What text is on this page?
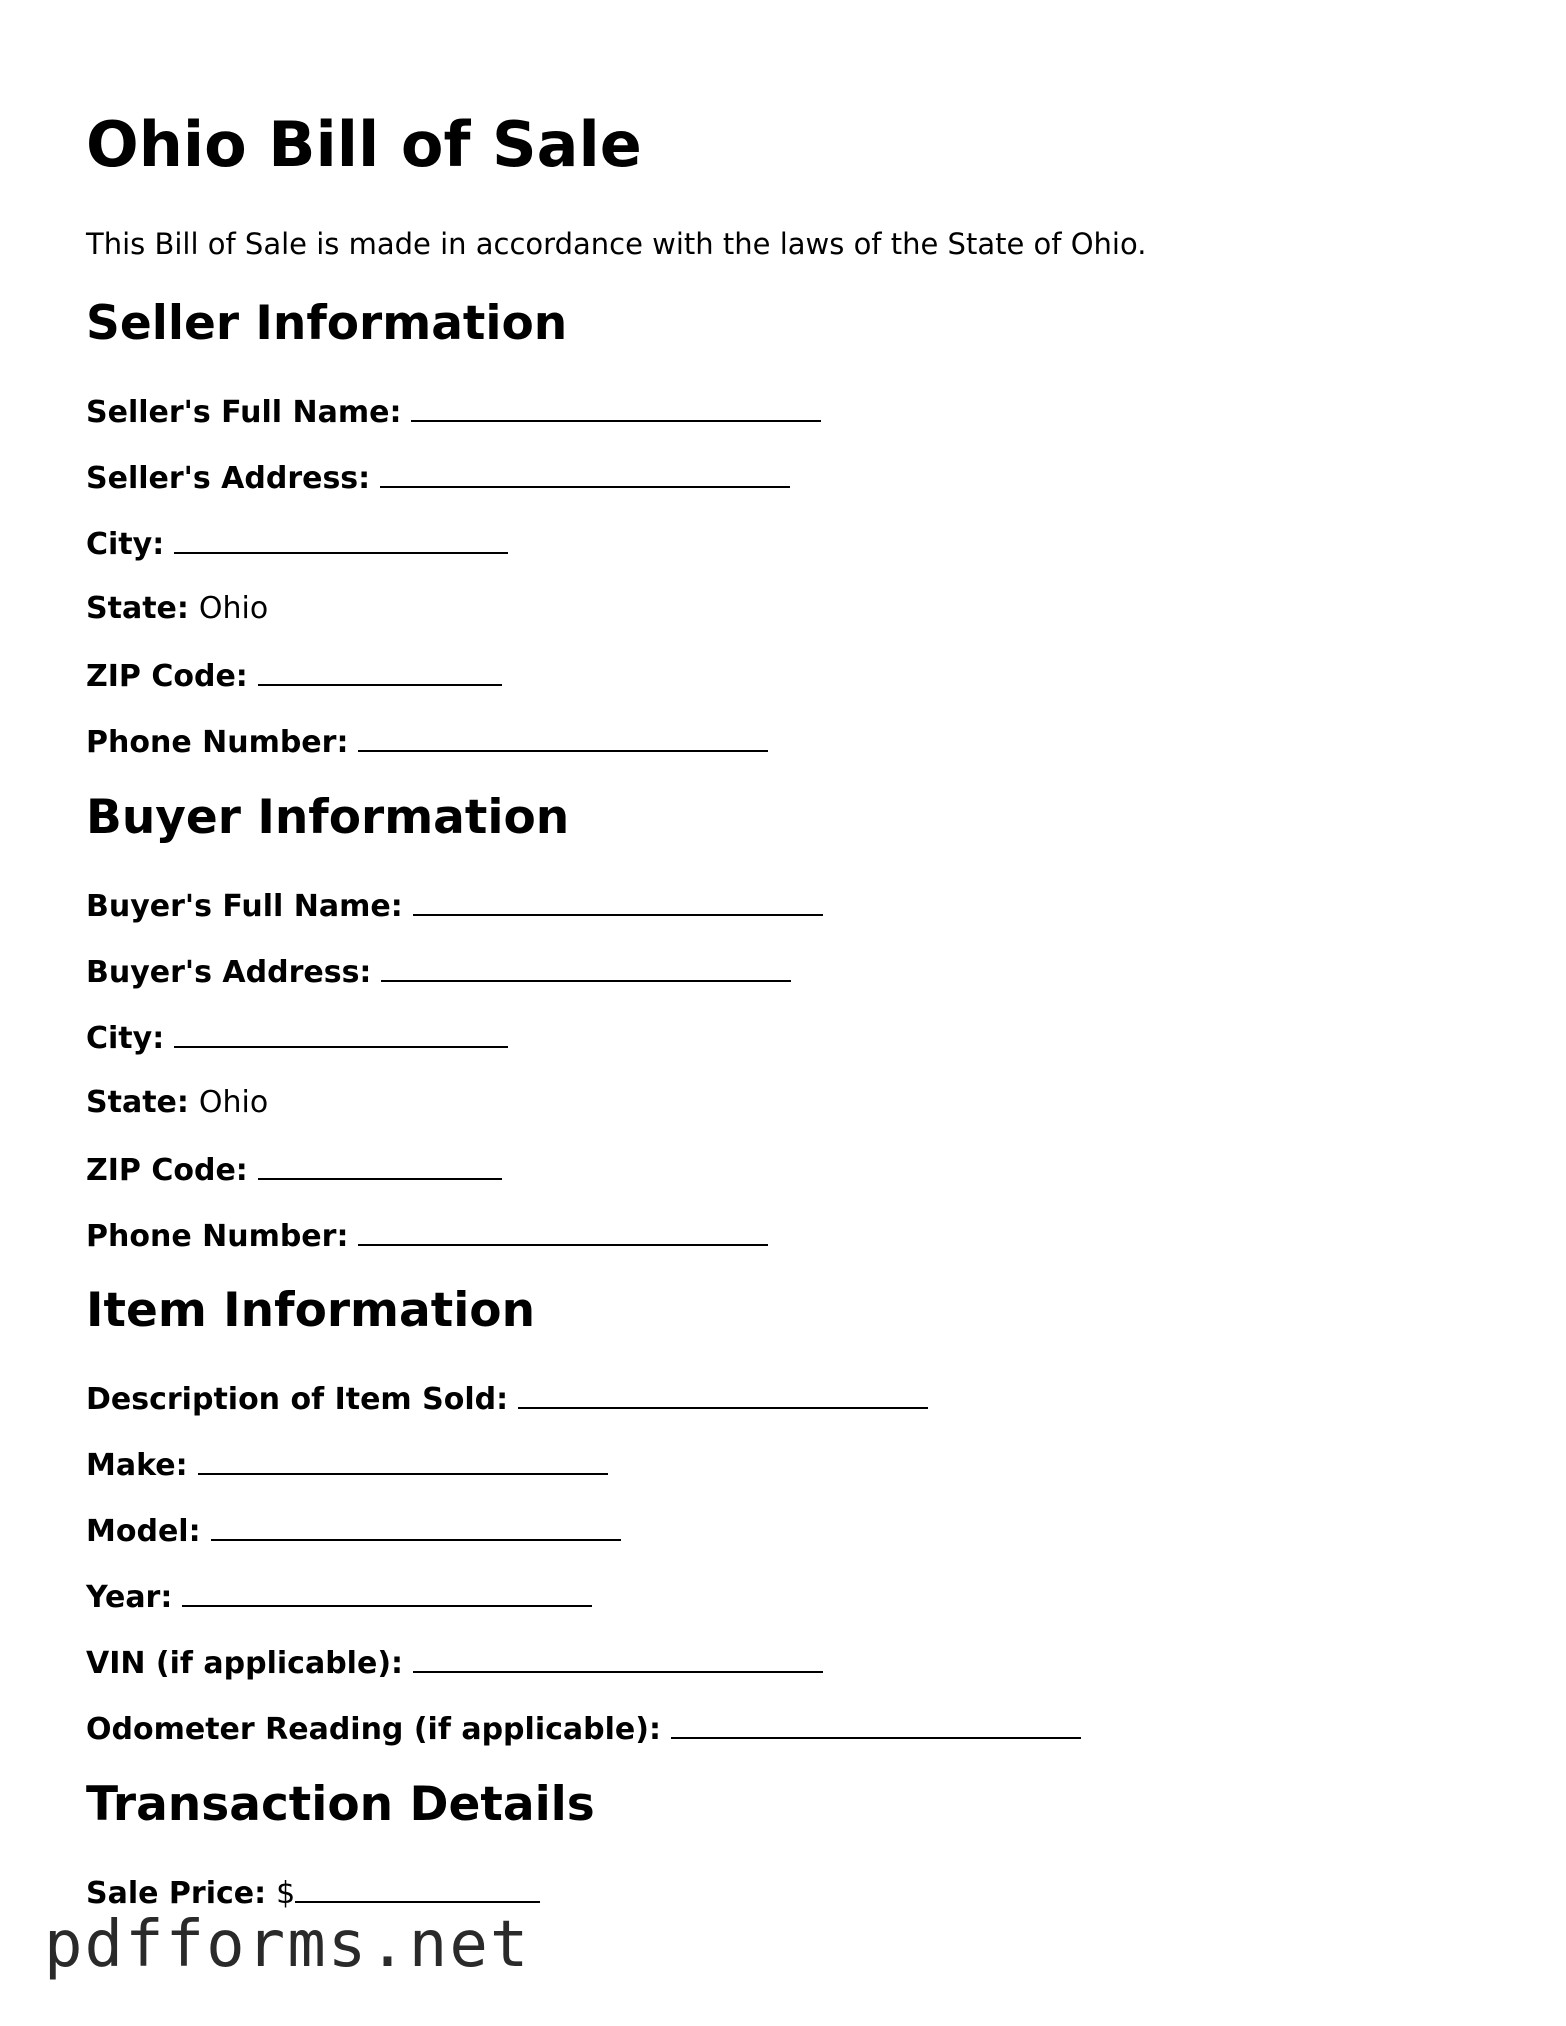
Ohio Bill of Sale

This Bill of Sale is made in accordance with the laws of the State of Ohio.

Seller Information
Seller's Full Name:
Seller's Address:
City:
State: Ohio
ZIP Code:
Phone Number:
Buyer Information
Buyer's Full Name:
Buyer's Address:
City:
State: Ohio
ZIP Code:
Phone Number:
Item Information
Description of Item Sold:
Make:
Model:
Year:
VIN (if applicable):
Odometer Reading (if applicable):
Transaction Details
Sale Price: $
pdfforms.net
